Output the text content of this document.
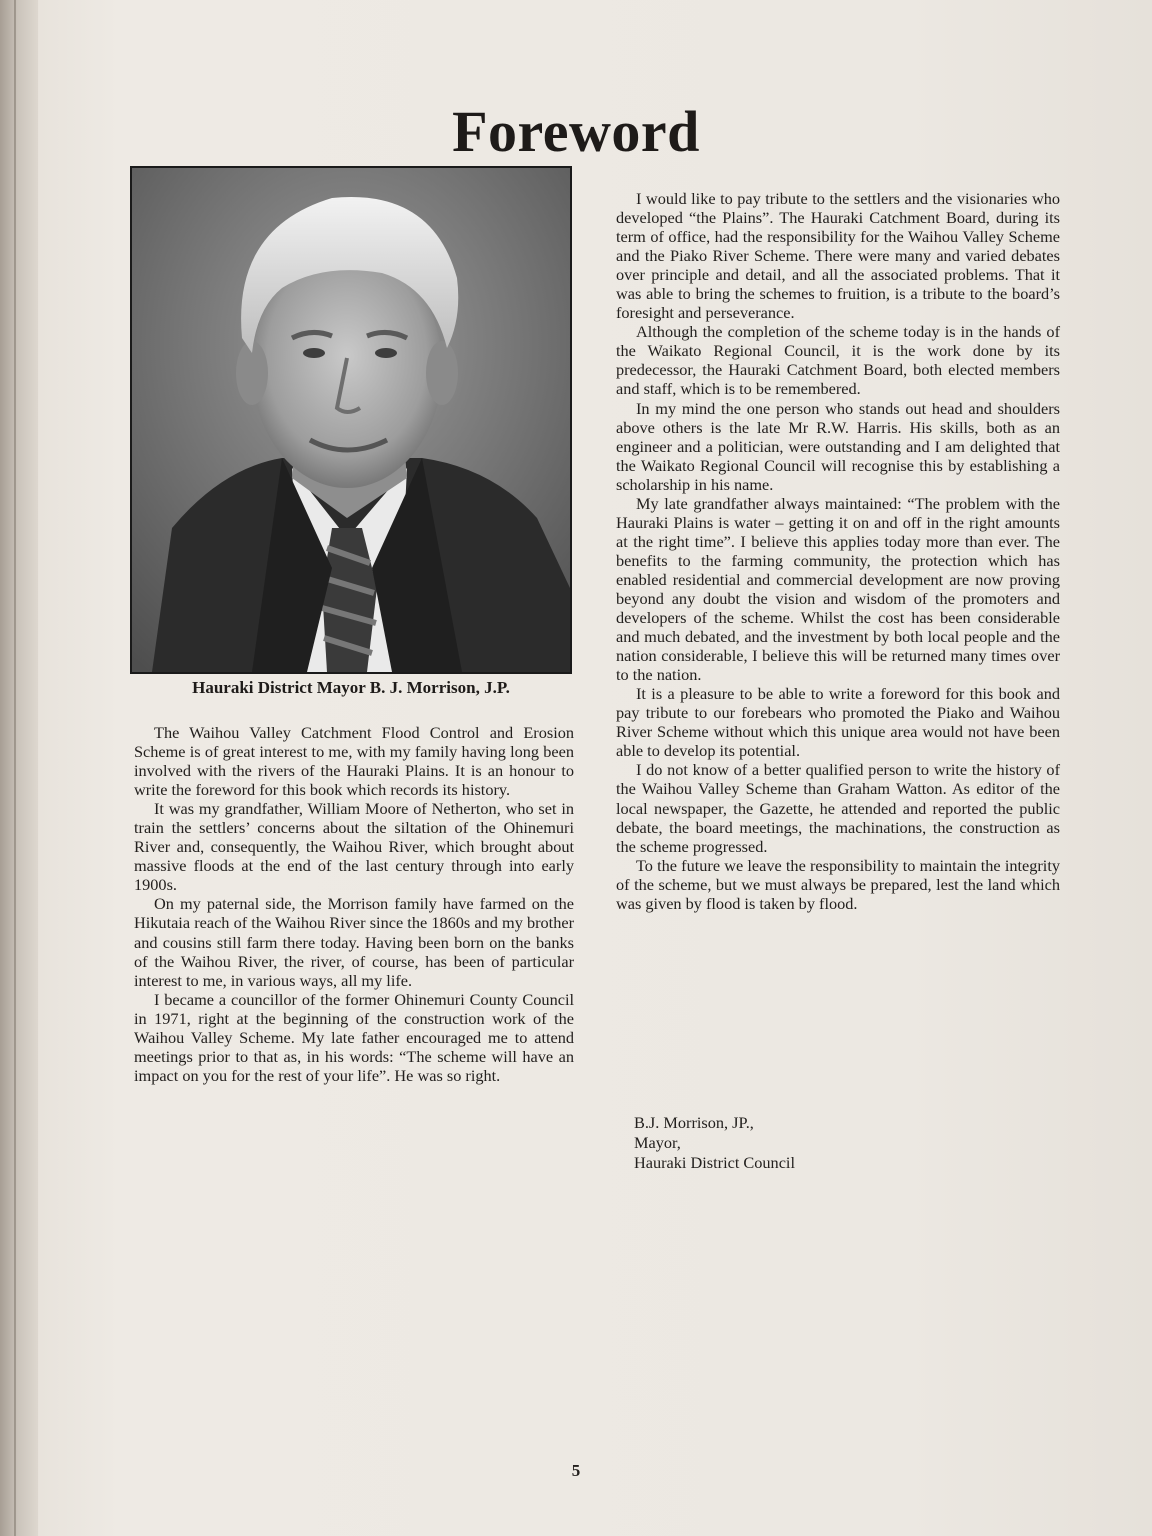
Foreword

Hauraki District Mayor B. J. Morrison, J.P.

The Waihou Valley Catchment Flood Control and Erosion Scheme is of great interest to me, with my family having long been involved with the rivers of the Hauraki Plains. It is an honour to write the foreword for this book which records its history.

It was my grandfather, William Moore of Netherton, who set in train the settlers’ concerns about the siltation of the Ohinemuri River and, consequently, the Waihou River, which brought about massive floods at the end of the last century through into early 1900s.

On my paternal side, the Morrison family have farmed on the Hikutaia reach of the Waihou River since the 1860s and my brother and cousins still farm there today. Having been born on the banks of the Waihou River, the river, of course, has been of particular interest to me, in various ways, all my life.

I became a councillor of the former Ohinemuri County Council in 1971, right at the beginning of the construction work of the Waihou Valley Scheme. My late father encouraged me to attend meetings prior to that as, in his words: “The scheme will have an impact on you for the rest of your life”. He was so right.

I would like to pay tribute to the settlers and the visionaries who developed “the Plains”. The Hauraki Catchment Board, during its term of office, had the responsibility for the Waihou Valley Scheme and the Piako River Scheme. There were many and varied debates over principle and detail, and all the associated problems. That it was able to bring the schemes to fruition, is a tribute to the board’s foresight and perseverance.

Although the completion of the scheme today is in the hands of the Waikato Regional Council, it is the work done by its predecessor, the Hauraki Catchment Board, both elected members and staff, which is to be remembered.

In my mind the one person who stands out head and shoulders above others is the late Mr R.W. Harris. His skills, both as an engineer and a politician, were outstanding and I am delighted that the Waikato Regional Council will recognise this by establishing a scholarship in his name.

My late grandfather always maintained: “The problem with the Hauraki Plains is water – getting it on and off in the right amounts at the right time”. I believe this applies today more than ever. The benefits to the farming community, the protection which has enabled residential and commercial development are now proving beyond any doubt the vision and wisdom of the promoters and developers of the scheme. Whilst the cost has been considerable and much debated, and the investment by both local people and the nation considerable, I believe this will be returned many times over to the nation.

It is a pleasure to be able to write a foreword for this book and pay tribute to our forebears who promoted the Piako and Waihou River Scheme without which this unique area would not have been able to develop its potential.

I do not know of a better qualified person to write the history of the Waihou Valley Scheme than Graham Watton. As editor of the local newspaper, the Gazette, he attended and reported the public debate, the board meetings, the machinations, the construction as the scheme progressed.

To the future we leave the responsibility to maintain the integrity of the scheme, but we must always be prepared, lest the land which was given by flood is taken by flood.

B.J. Morrison, JP.,
Mayor,
Hauraki District Council
5
